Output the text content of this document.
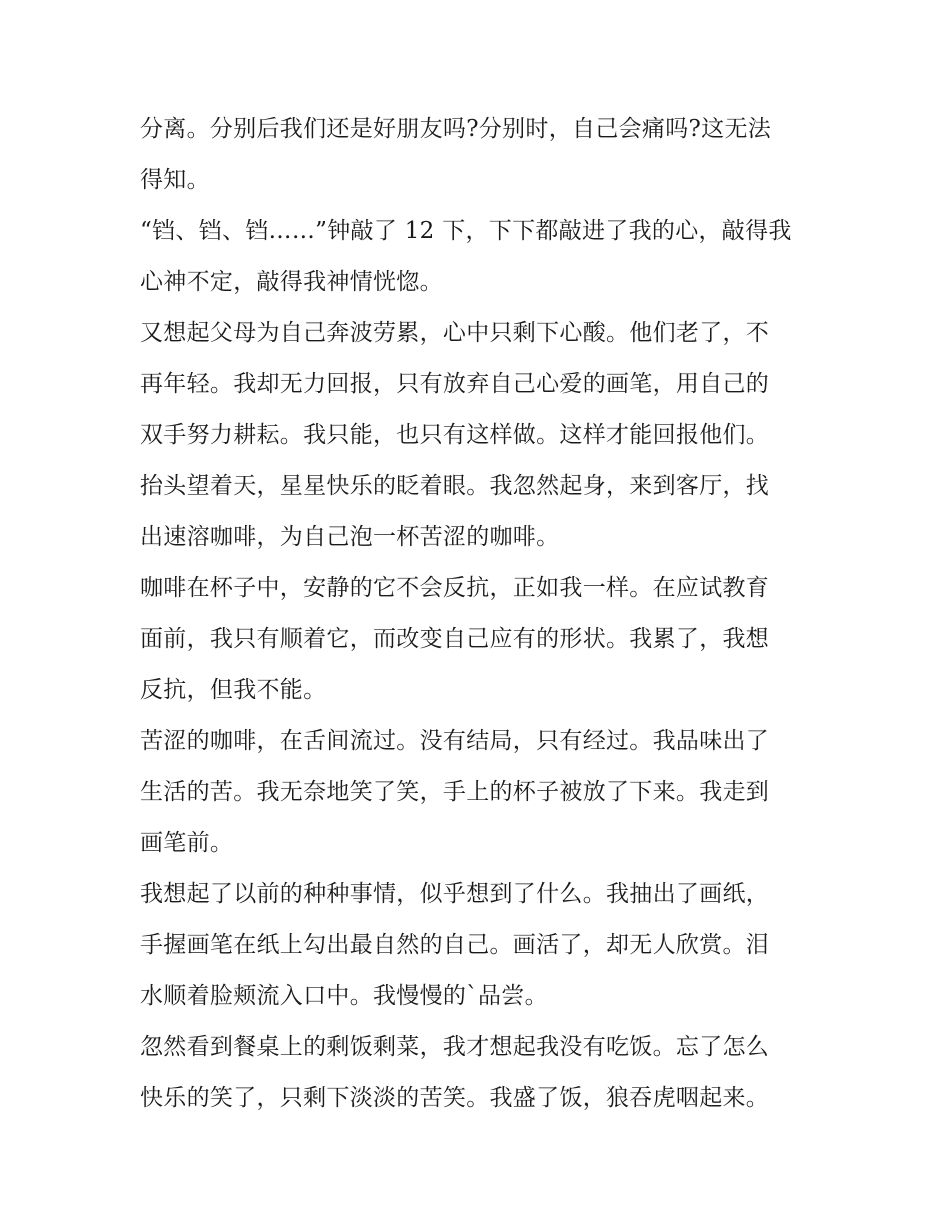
分离。分别后我们还是好朋友吗?分别时，自己会痛吗?这无法
得知。
“铛、铛、铛……”钟敲了 12 下，下下都敲进了我的心，敲得我
心神不定，敲得我神情恍惚。
又想起父母为自己奔波劳累，心中只剩下心酸。他们老了，不
再年轻。我却无力回报，只有放弃自己心爱的画笔，用自己的
双手努力耕耘。我只能，也只有这样做。这样才能回报他们。
抬头望着天，星星快乐的眨着眼。我忽然起身，来到客厅，找
出速溶咖啡，为自己泡一杯苦涩的咖啡。
咖啡在杯子中，安静的它不会反抗，正如我一样。在应试教育
面前，我只有顺着它，而改变自己应有的形状。我累了，我想
反抗，但我不能。
苦涩的咖啡，在舌间流过。没有结局，只有经过。我品味出了
生活的苦。我无奈地笑了笑，手上的杯子被放了下来。我走到
画笔前。
我想起了以前的种种事情，似乎想到了什么。我抽出了画纸，
手握画笔在纸上勾出最自然的自己。画活了，却无人欣赏。泪
水顺着脸颊流入口中。我慢慢的`品尝。
忽然看到餐桌上的剩饭剩菜，我才想起我没有吃饭。忘了怎么
快乐的笑了，只剩下淡淡的苦笑。我盛了饭，狼吞虎咽起来。
